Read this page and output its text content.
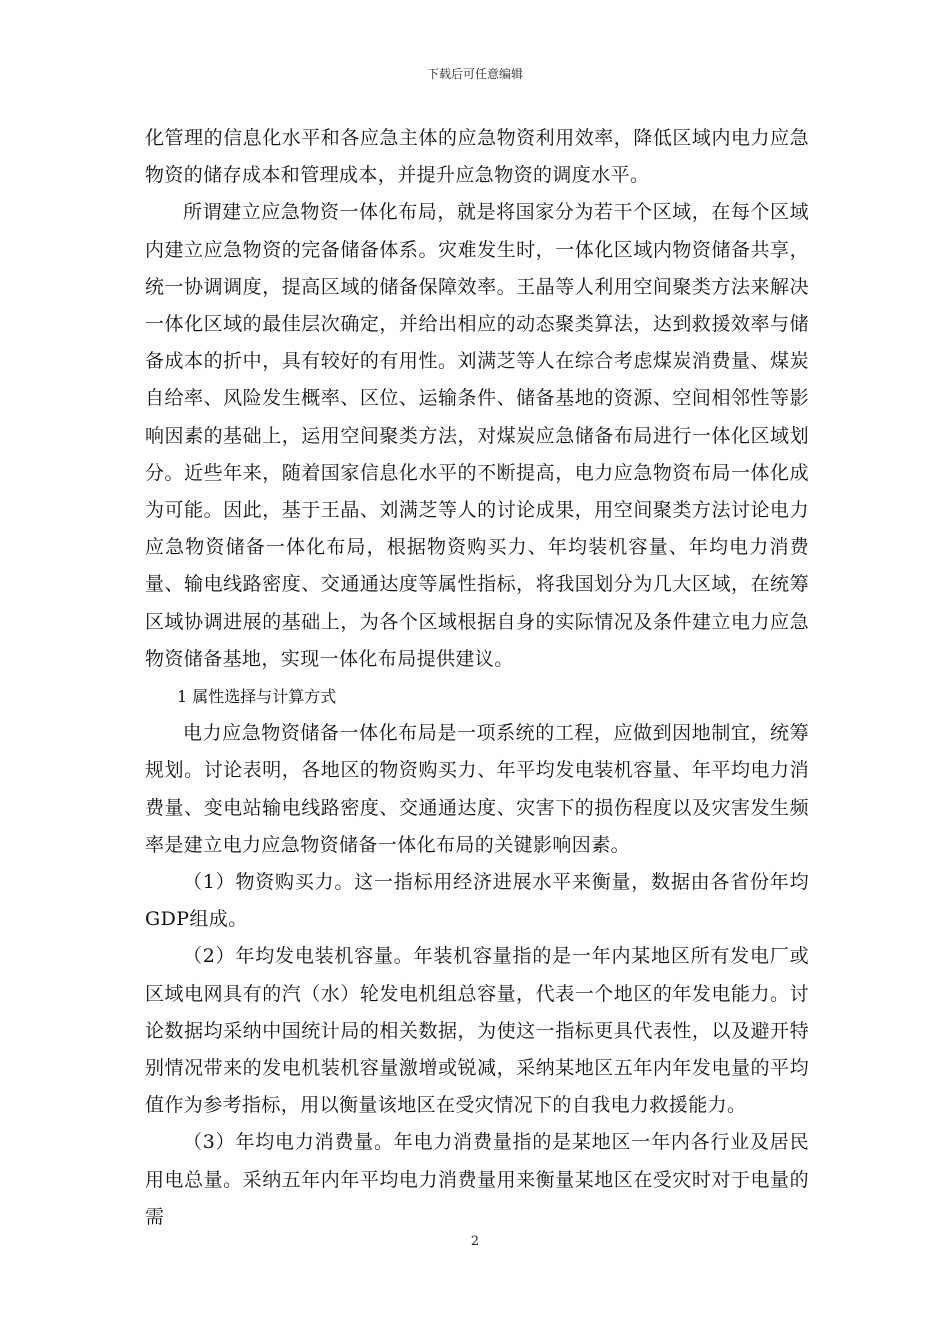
下载后可任意编辑

化管理的信息化水平和各应急主体的应急物资利用效率，降低区域内电力应急物资的储存成本和管理成本，并提升应急物资的调度水平。

所谓建立应急物资一体化布局，就是将国家分为若干个区域，在每个区域内建立应急物资的完备储备体系。灾难发生时，一体化区域内物资储备共享，统一协调调度，提高区域的储备保障效率。王晶等人利用空间聚类方法来解决一体化区域的最佳层次确定，并给出相应的动态聚类算法，达到救援效率与储备成本的折中，具有较好的有用性。刘满芝等人在综合考虑煤炭消费量、煤炭自给率、风险发生概率、区位、运输条件、储备基地的资源、空间相邻性等影响因素的基础上，运用空间聚类方法，对煤炭应急储备布局进行一体化区域划分。近些年来，随着国家信息化水平的不断提高，电力应急物资布局一体化成为可能。因此，基于王晶、刘满芝等人的讨论成果，用空间聚类方法讨论电力应急物资储备一体化布局，根据物资购买力、年均装机容量、年均电力消费量、输电线路密度、交通通达度等属性指标，将我国划分为几大区域，在统筹区域协调进展的基础上，为各个区域根据自身的实际情况及条件建立电力应急物资储备基地，实现一体化布局提供建议。

1 属性选择与计算方式

电力应急物资储备一体化布局是一项系统的工程，应做到因地制宜，统筹规划。讨论表明，各地区的物资购买力、年平均发电装机容量、年平均电力消费量、变电站输电线路密度、交通通达度、灾害下的损伤程度以及灾害发生频率是建立电力应急物资储备一体化布局的关键影响因素。

（1）物资购买力。这一指标用经济进展水平来衡量，数据由各省份年均GDP组成。

（2）年均发电装机容量。年装机容量指的是一年内某地区所有发电厂或区域电网具有的汽（水）轮发电机组总容量，代表一个地区的年发电能力。讨论数据均采纳中国统计局的相关数据，为使这一指标更具代表性，以及避开特别情况带来的发电机装机容量激增或锐减，采纳某地区五年内年发电量的平均值作为参考指标，用以衡量该地区在受灾情况下的自我电力救援能力。

（3）年均电力消费量。年电力消费量指的是某地区一年内各行业及居民用电总量。采纳五年内年平均电力消费量用来衡量某地区在受灾时对于电量的需

2
